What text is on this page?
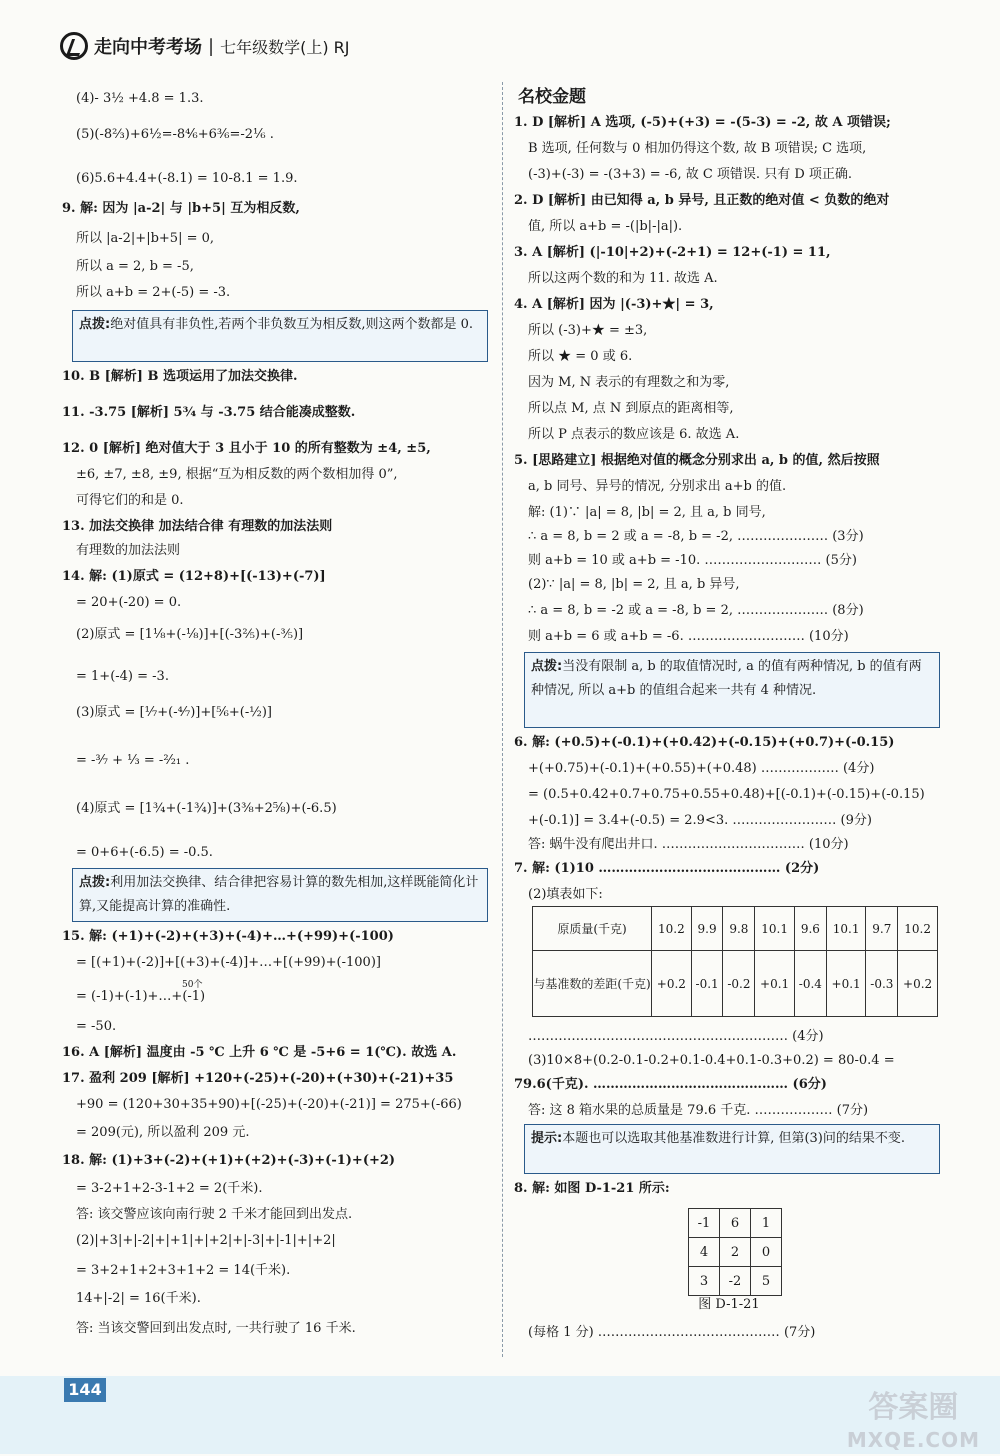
走向中考考场 | 七年级数学(上) RJ
(4)- 3½ +4.8 = 1.3.
(5)(-8⅔)+6½=-8⁴⁄₆+6³⁄₆=-2⅙ .
(6)5.6+4.4+(-8.1) = 10-8.1 = 1.9.
9. 解: 因为 |a-2| 与 |b+5| 互为相反数,
所以 |a-2|+|b+5| = 0,
所以 a = 2, b = -5,
所以 a+b = 2+(-5) = -3.
10. B [解析] B 选项运用了加法交换律.
11. -3.75 [解析] 5¾ 与 -3.75 结合能凑成整数.
12. 0 [解析] 绝对值大于 3 且小于 10 的所有整数为 ±4, ±5,
±6, ±7, ±8, ±9, 根据“互为相反数的两个数相加得 0”,
可得它们的和是 0.
13. 加法交换律 加法结合律 有理数的加法法则
有理数的加法法则
14. 解: (1)原式 = (12+8)+[(-13)+(-7)]
= 20+(-20) = 0.
(2)原式 = [1⅛+(-⅛)]+[(-3⅖)+(-⅗)]
= 1+(-4) = -3.
(3)原式 = [⅐+(-⁴⁄₇)]+[⁵⁄₆+(-½)]
= -³⁄₇ + ⅓ = -²⁄₂₁ .
(4)原式 = [1¾+(-1¾)]+(3⅜+2⅝)+(-6.5)
= 0+6+(-6.5) = -0.5.
15. 解: (+1)+(-2)+(+3)+(-4)+…+(+99)+(-100)
= [(+1)+(-2)]+[(+3)+(-4)]+…+[(+99)+(-100)]
50个
= (-1)+(-1)+…+(-1)
= -50.
16. A [解析] 温度由 -5 ℃ 上升 6 ℃ 是 -5+6 = 1(℃). 故选 A.
17. 盈利 209 [解析] +120+(-25)+(-20)+(+30)+(-21)+35
+90 = (120+30+35+90)+[(-25)+(-20)+(-21)] = 275+(-66)
= 209(元), 所以盈利 209 元.
18. 解: (1)+3+(-2)+(+1)+(+2)+(-3)+(-1)+(+2)
= 3-2+1+2-3-1+2 = 2(千米).
答: 该交警应该向南行驶 2 千米才能回到出发点.
(2)|+3|+|-2|+|+1|+|+2|+|-3|+|-1|+|+2|
= 3+2+1+2+3+1+2 = 14(千米).
14+|-2| = 16(千米).
答: 当该交警回到出发点时, 一共行驶了 16 千米.
点拨:绝对值具有非负性,若两个非负数互为相反数,则这两个数都是 0.
点拨:利用加法交换律、结合律把容易计算的数先相加,这样既能简化计算,又能提高计算的准确性.
名校金题
原质量(千克)	10.2	9.9	9.8	10.1	9.6	10.1	9.7	10.2
与基准数的差距(千克)	+0.2	-0.1	-0.2	+0.1	-0.4	+0.1	-0.3	+0.2
-1	6	1
4	2	0
3	-2	5
1. D [解析] A 选项, (-5)+(+3) = -(5-3) = -2, 故 A 项错误;
B 选项, 任何数与 0 相加仍得这个数, 故 B 项错误; C 选项,
(-3)+(-3) = -(3+3) = -6, 故 C 项错误. 只有 D 项正确.
2. D [解析] 由已知得 a, b 异号, 且正数的绝对值 < 负数的绝对
值, 所以 a+b = -(|b|-|a|).
3. A [解析] (|-10|+2)+(-2+1) = 12+(-1) = 11,
所以这两个数的和为 11. 故选 A.
4. A [解析] 因为 |(-3)+★| = 3,
所以 (-3)+★ = ±3,
所以 ★ = 0 或 6.
因为 M, N 表示的有理数之和为零,
所以点 M, 点 N 到原点的距离相等,
所以 P 点表示的数应该是 6. 故选 A.
5. [思路建立] 根据绝对值的概念分别求出 a, b 的值, 然后按照
a, b 同号、异号的情况, 分别求出 a+b 的值.
解: (1)∵ |a| = 8, |b| = 2, 且 a, b 同号,
∴ a = 8, b = 2 或 a = -8, b = -2, ………………… (3分)
则 a+b = 10 或 a+b = -10. ……………………… (5分)
(2)∵ |a| = 8, |b| = 2, 且 a, b 异号,
∴ a = 8, b = -2 或 a = -8, b = 2, ………………… (8分)
则 a+b = 6 或 a+b = -6. ……………………… (10分)
6. 解: (+0.5)+(-0.1)+(+0.42)+(-0.15)+(+0.7)+(-0.15)
+(+0.75)+(-0.1)+(+0.55)+(+0.48) ……………… (4分)
= (0.5+0.42+0.7+0.75+0.55+0.48)+[(-0.1)+(-0.15)+(-0.15)
+(-0.1)] = 3.4+(-0.5) = 2.9<3. …………………… (9分)
答: 蜗牛没有爬出井口. …………………………… (10分)
7. 解: (1)10 …………………………………… (2分)
(2)填表如下:
…………………………………………………… (4分)
(3)10×8+(0.2-0.1-0.2+0.1-0.4+0.1-0.3+0.2) = 80-0.4 =
79.6(千克). ……………………………………… (6分)
答: 这 8 箱水果的总质量是 79.6 千克. ……………… (7分)
8. 解: 如图 D-1-21 所示:
图 D-1-21
(每格 1 分) …………………………………… (7分)
点拨:当没有限制 a, b 的取值情况时, a 的值有两种情况, b 的值有两种情况, 所以 a+b 的值组合起来一共有 4 种情况.
提示:本题也可以选取其他基准数进行计算, 但第(3)问的结果不变.
144
答案圈
MXQE.COM
